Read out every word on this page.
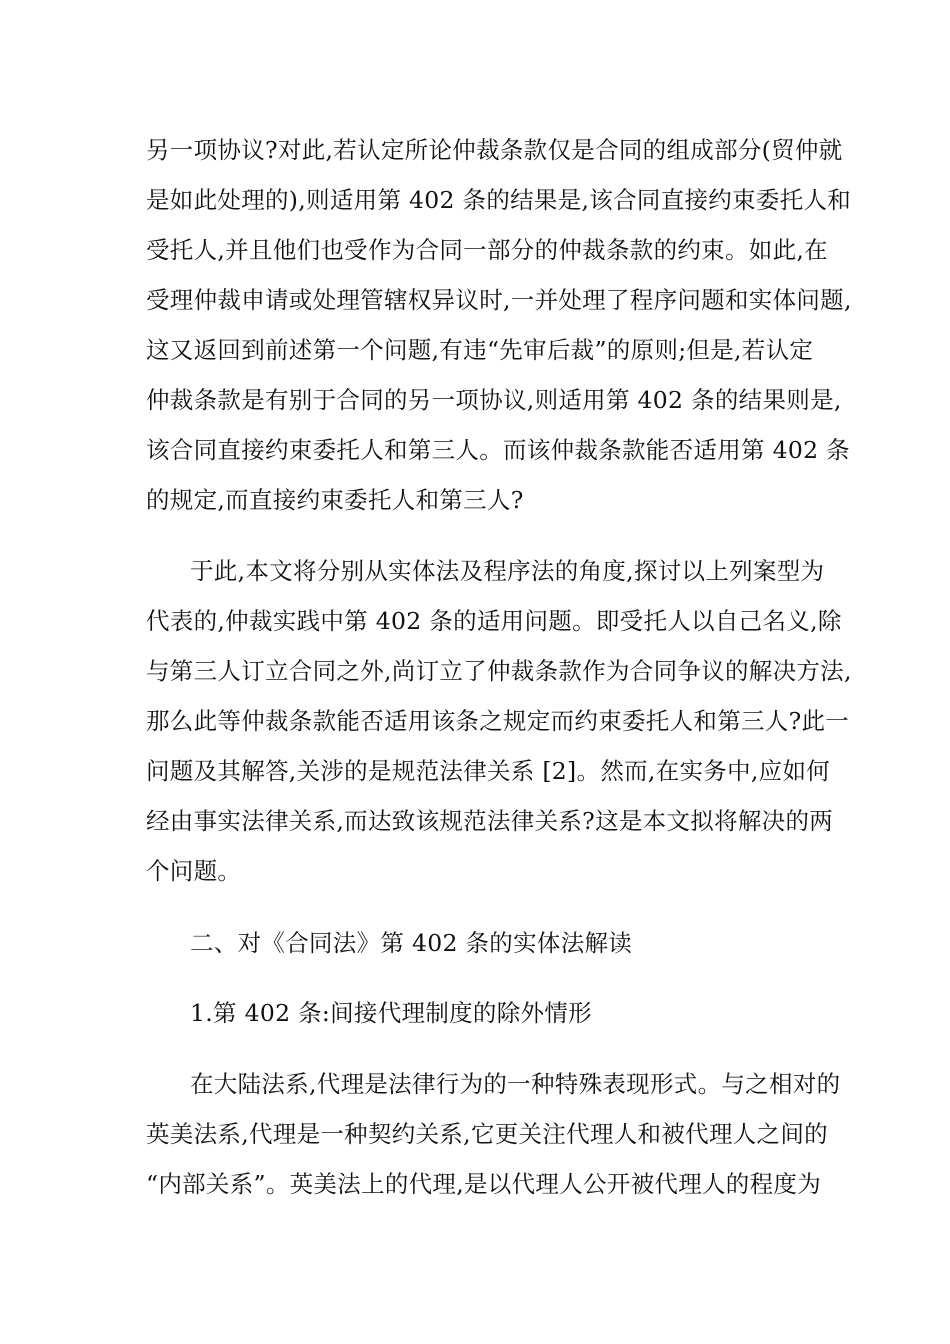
另一项协议?对此,若认定所论仲裁条款仅是合同的组成部分(贸仲就
是如此处理的),则适用第 402 条的结果是,该合同直接约束委托人和
受托人,并且他们也受作为合同一部分的仲裁条款的约束。如此,在
受理仲裁申请或处理管辖权异议时,一并处理了程序问题和实体问题,
这又返回到前述第一个问题,有违“先审后裁”的原则;但是,若认定
仲裁条款是有别于合同的另一项协议,则适用第 402 条的结果则是,
该合同直接约束委托人和第三人。而该仲裁条款能否适用第 402 条
的规定,而直接约束委托人和第三人?
于此,本文将分别从实体法及程序法的角度,探讨以上列案型为
代表的,仲裁实践中第 402 条的适用问题。即受托人以自己名义,除
与第三人订立合同之外,尚订立了仲裁条款作为合同争议的解决方法,
那么此等仲裁条款能否适用该条之规定而约束委托人和第三人?此一
问题及其解答,关涉的是规范法律关系 [2]。然而,在实务中,应如何
经由事实法律关系,而达致该规范法律关系?这是本文拟将解决的两
个问题。
二、对《合同法》第 402 条的实体法解读
1.第 402 条:间接代理制度的除外情形
在大陆法系,代理是法律行为的一种特殊表现形式。与之相对的
英美法系,代理是一种契约关系,它更关注代理人和被代理人之间的
“内部关系”。英美法上的代理,是以代理人公开被代理人的程度为
